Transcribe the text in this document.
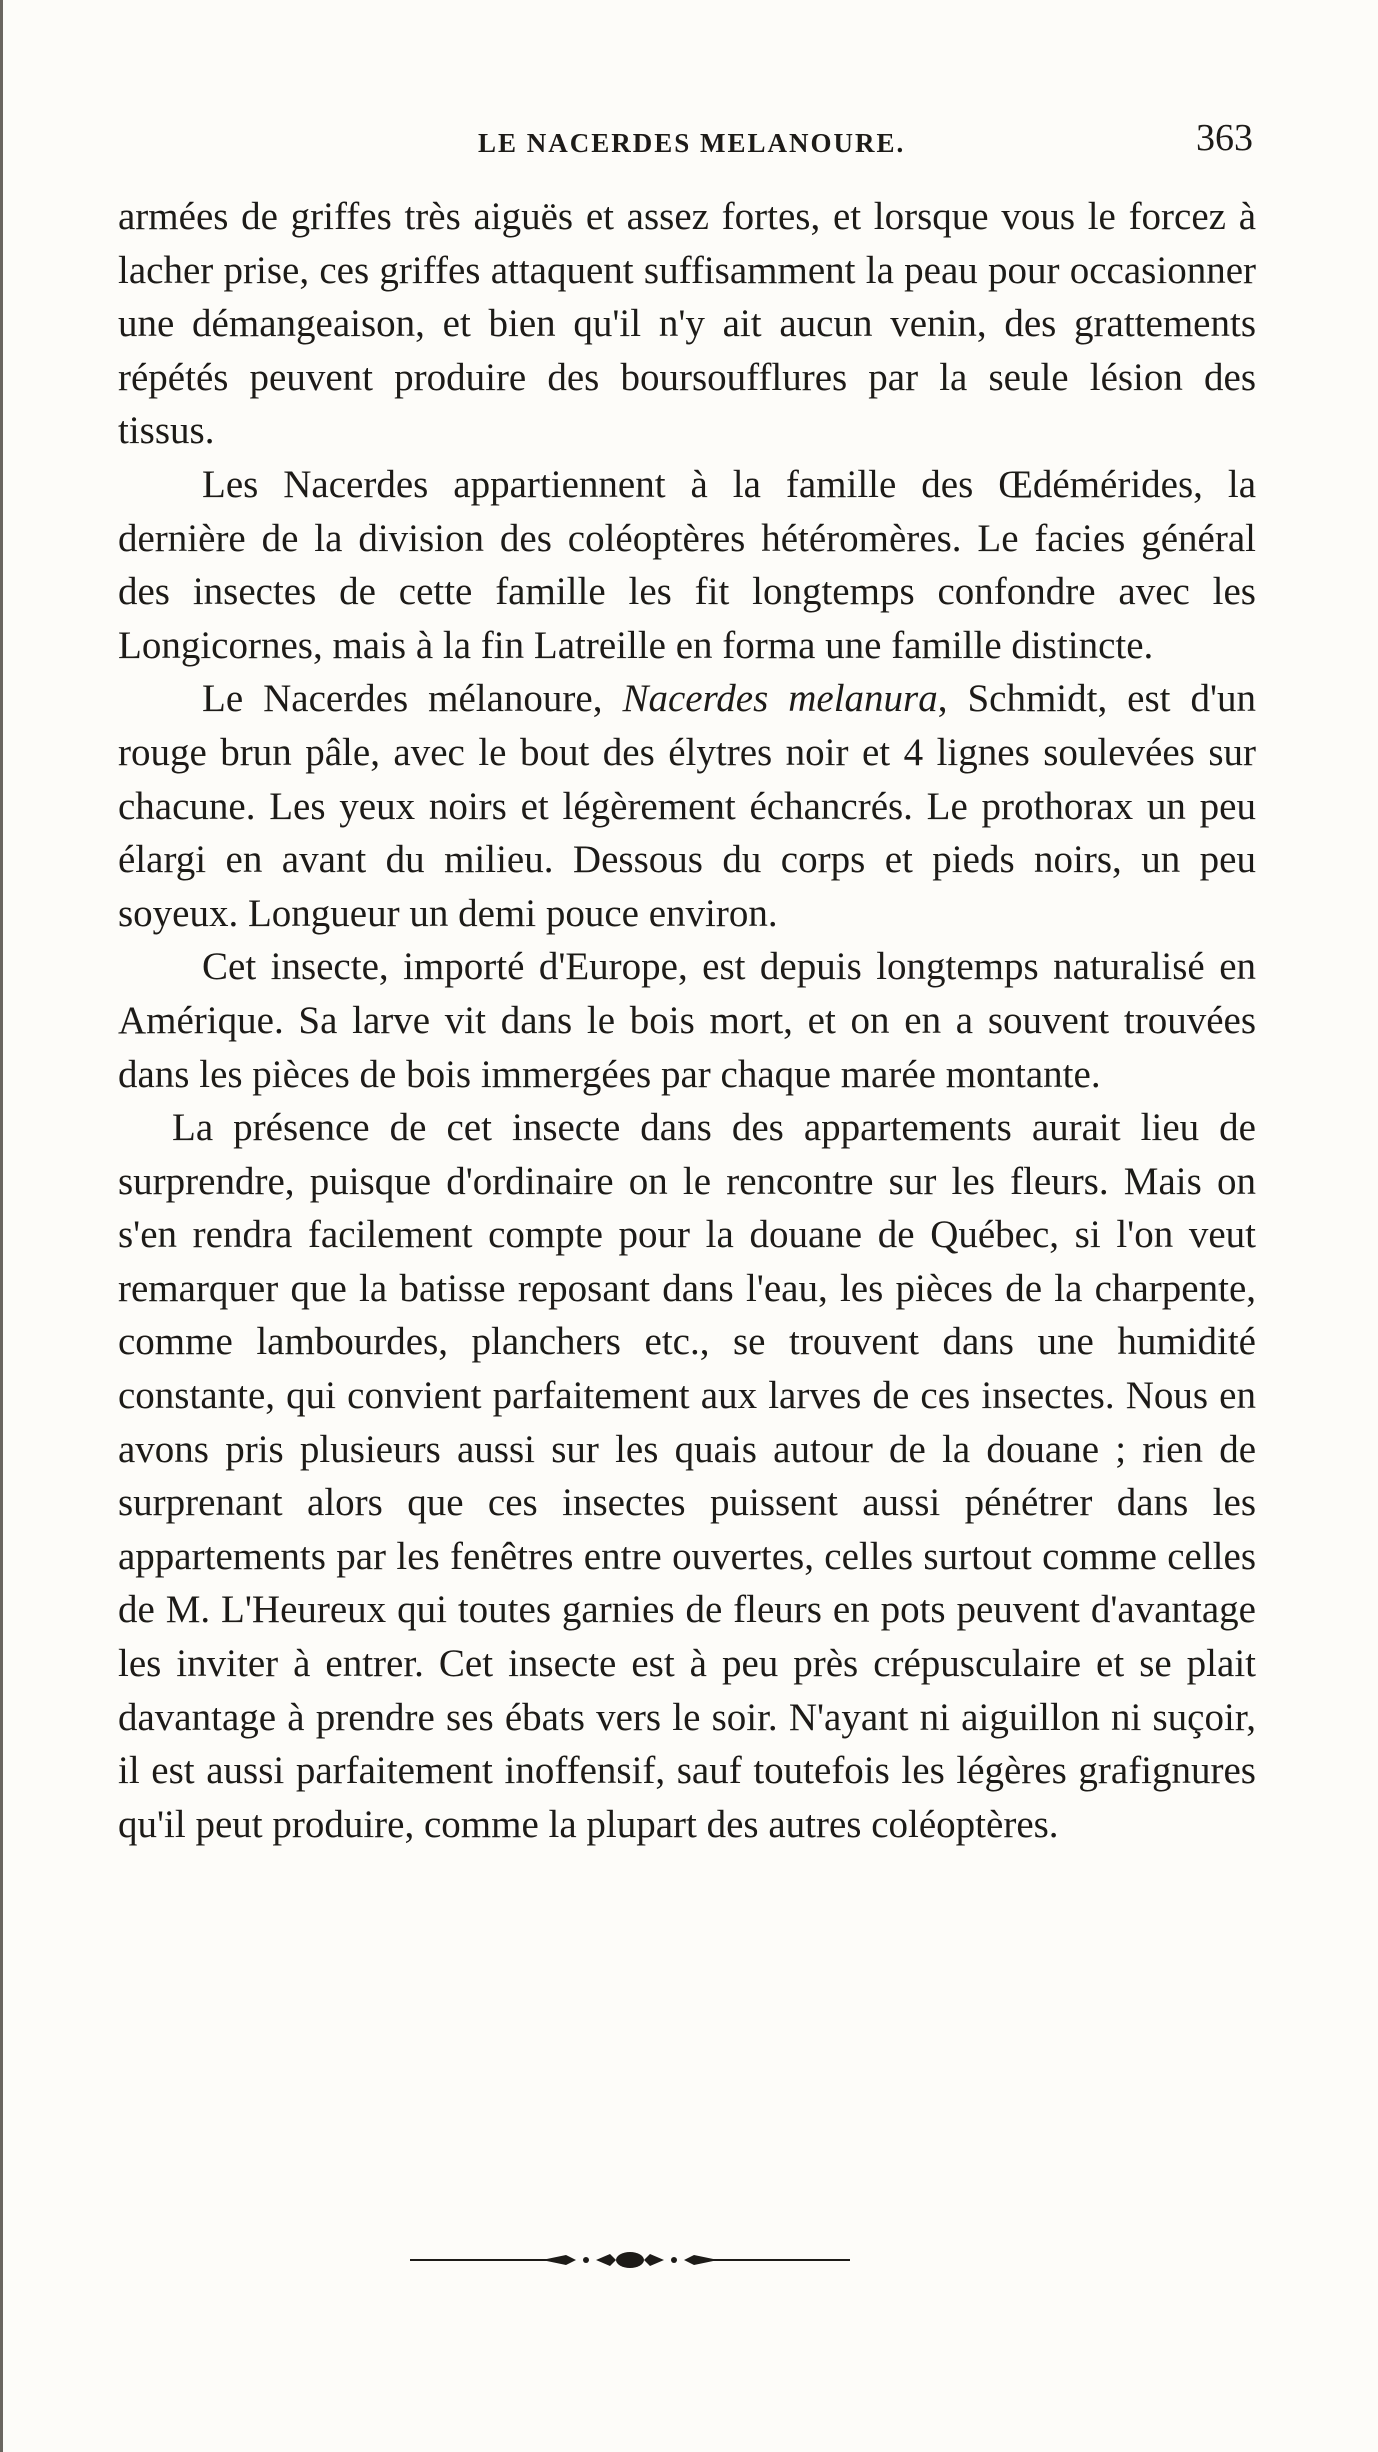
LE NACERDES MELANOURE.	363

armées de griffes très aiguës et assez fortes, et lorsque vous le forcez à lacher prise, ces griffes attaquent suffisamment la peau pour occasionner une démangeaison, et bien qu'il n'y ait aucun venin, des grattements répétés peuvent produire des boursoufflures par la seule lésion des tissus.

Les Nacerdes appartiennent à la famille des Œdémérides, la dernière de la division des coléoptères hétéromères. Le facies général des insectes de cette famille les fit longtemps confondre avec les Longicornes, mais à la fin Latreille en forma une famille distincte.

Le Nacerdes mélanoure, Nacerdes melanura, Schmidt, est d'un rouge brun pâle, avec le bout des élytres noir et 4 lignes soulevées sur chacune. Les yeux noirs et légèrement échancrés. Le prothorax un peu élargi en avant du milieu. Dessous du corps et pieds noirs, un peu soyeux. Longueur un demi pouce environ.

Cet insecte, importé d'Europe, est depuis longtemps naturalisé en Amérique. Sa larve vit dans le bois mort, et on en a souvent trouvées dans les pièces de bois immergées par chaque marée montante.

La présence de cet insecte dans des appartements aurait lieu de surprendre, puisque d'ordinaire on le rencontre sur les fleurs. Mais on s'en rendra facilement compte pour la douane de Québec, si l'on veut remarquer que la batisse reposant dans l'eau, les pièces de la charpente, comme lambourdes, planchers etc., se trouvent dans une humidité constante, qui convient parfaitement aux larves de ces insectes. Nous en avons pris plusieurs aussi sur les quais autour de la douane ; rien de surprenant alors que ces insectes puissent aussi pénétrer dans les appartements par les fenêtres entre ouvertes, celles surtout comme celles de M. L'Heureux qui toutes garnies de fleurs en pots peuvent d'avantage les inviter à entrer. Cet insecte est à peu près crépusculaire et se plait davantage à prendre ses ébats vers le soir. N'ayant ni aiguillon ni suçoir, il est aussi parfaitement inoffensif, sauf toutefois les légères grafignures qu'il peut produire, comme la plupart des autres coléoptères.
